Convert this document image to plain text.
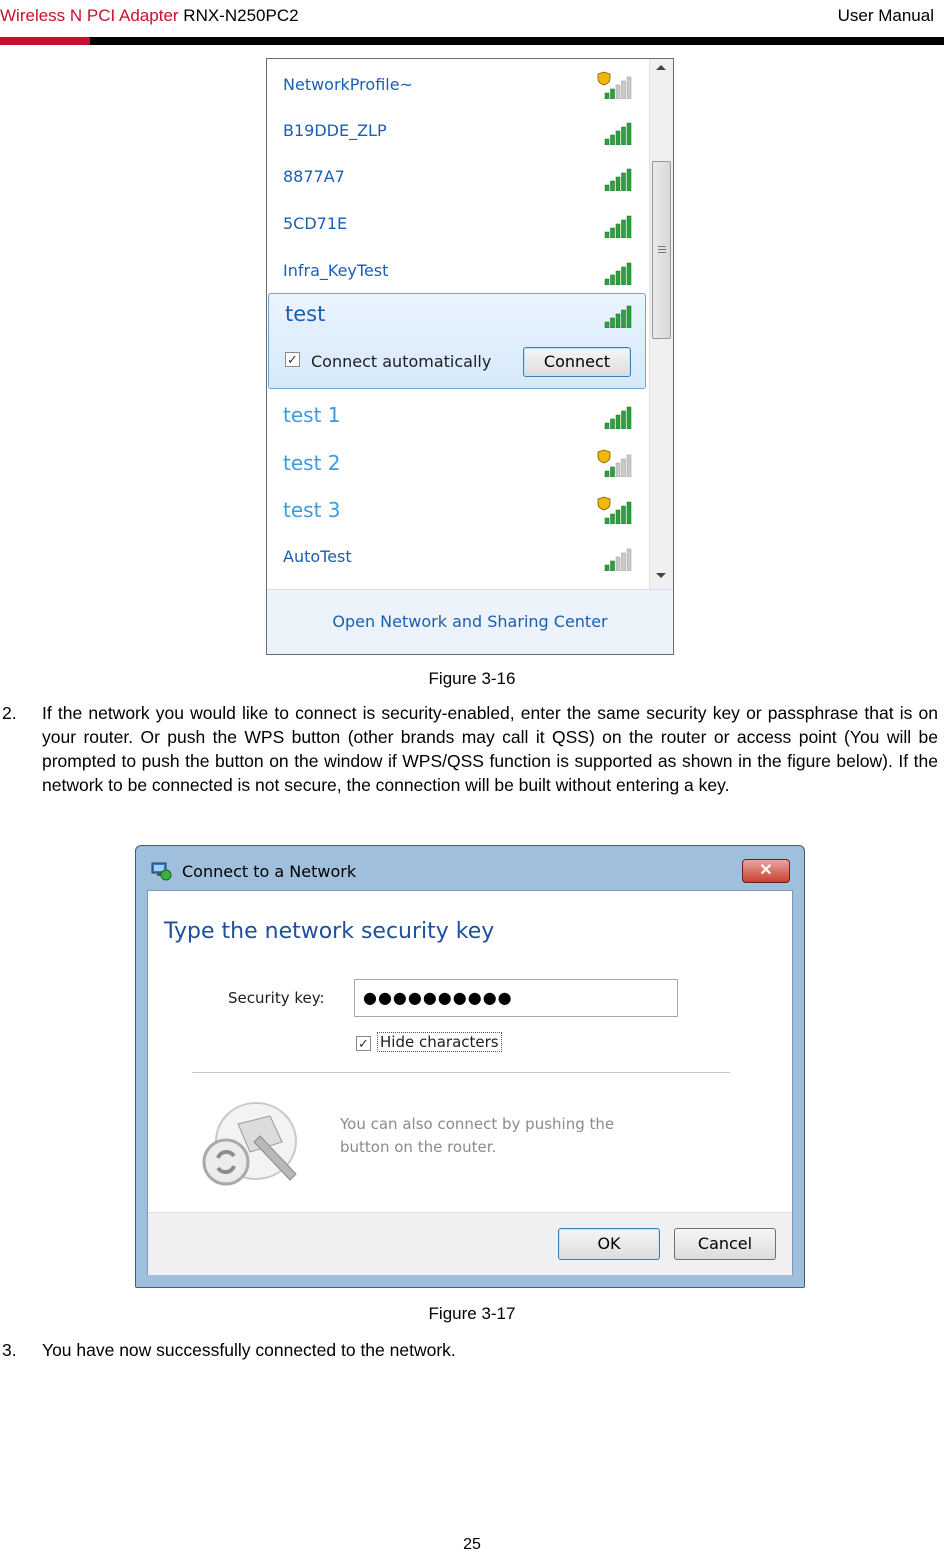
Wireless N PCI Adapter RNX-N250PC2	User Manual
test
✓ Connect automatically	Connect
NetworkProfile~
B19DDE_ZLP
8877A7
5CD71E
Infra_KeyTest
test 1
test 2
test 3
AutoTest
Open Network and Sharing Center
Figure 3-16
2. If the network you would like to connect is security-enabled, enter the same security key or passphrase that is on your router. Or push the WPS button (other brands may call it QSS) on the router or access point (You will be prompted to push the button on the window if WPS/QSS function is supported as shown in the figure below). If the network to be connected is not secure, the connection will be built without entering a key.
Connect to a Network	✕
Type the network security key
Security key:	●●●●●●●●●●
✓ Hide characters
You can also connect by pushing the button on the router.
OK	Cancel
Figure 3-17
3. You have now successfully connected to the network.
25
